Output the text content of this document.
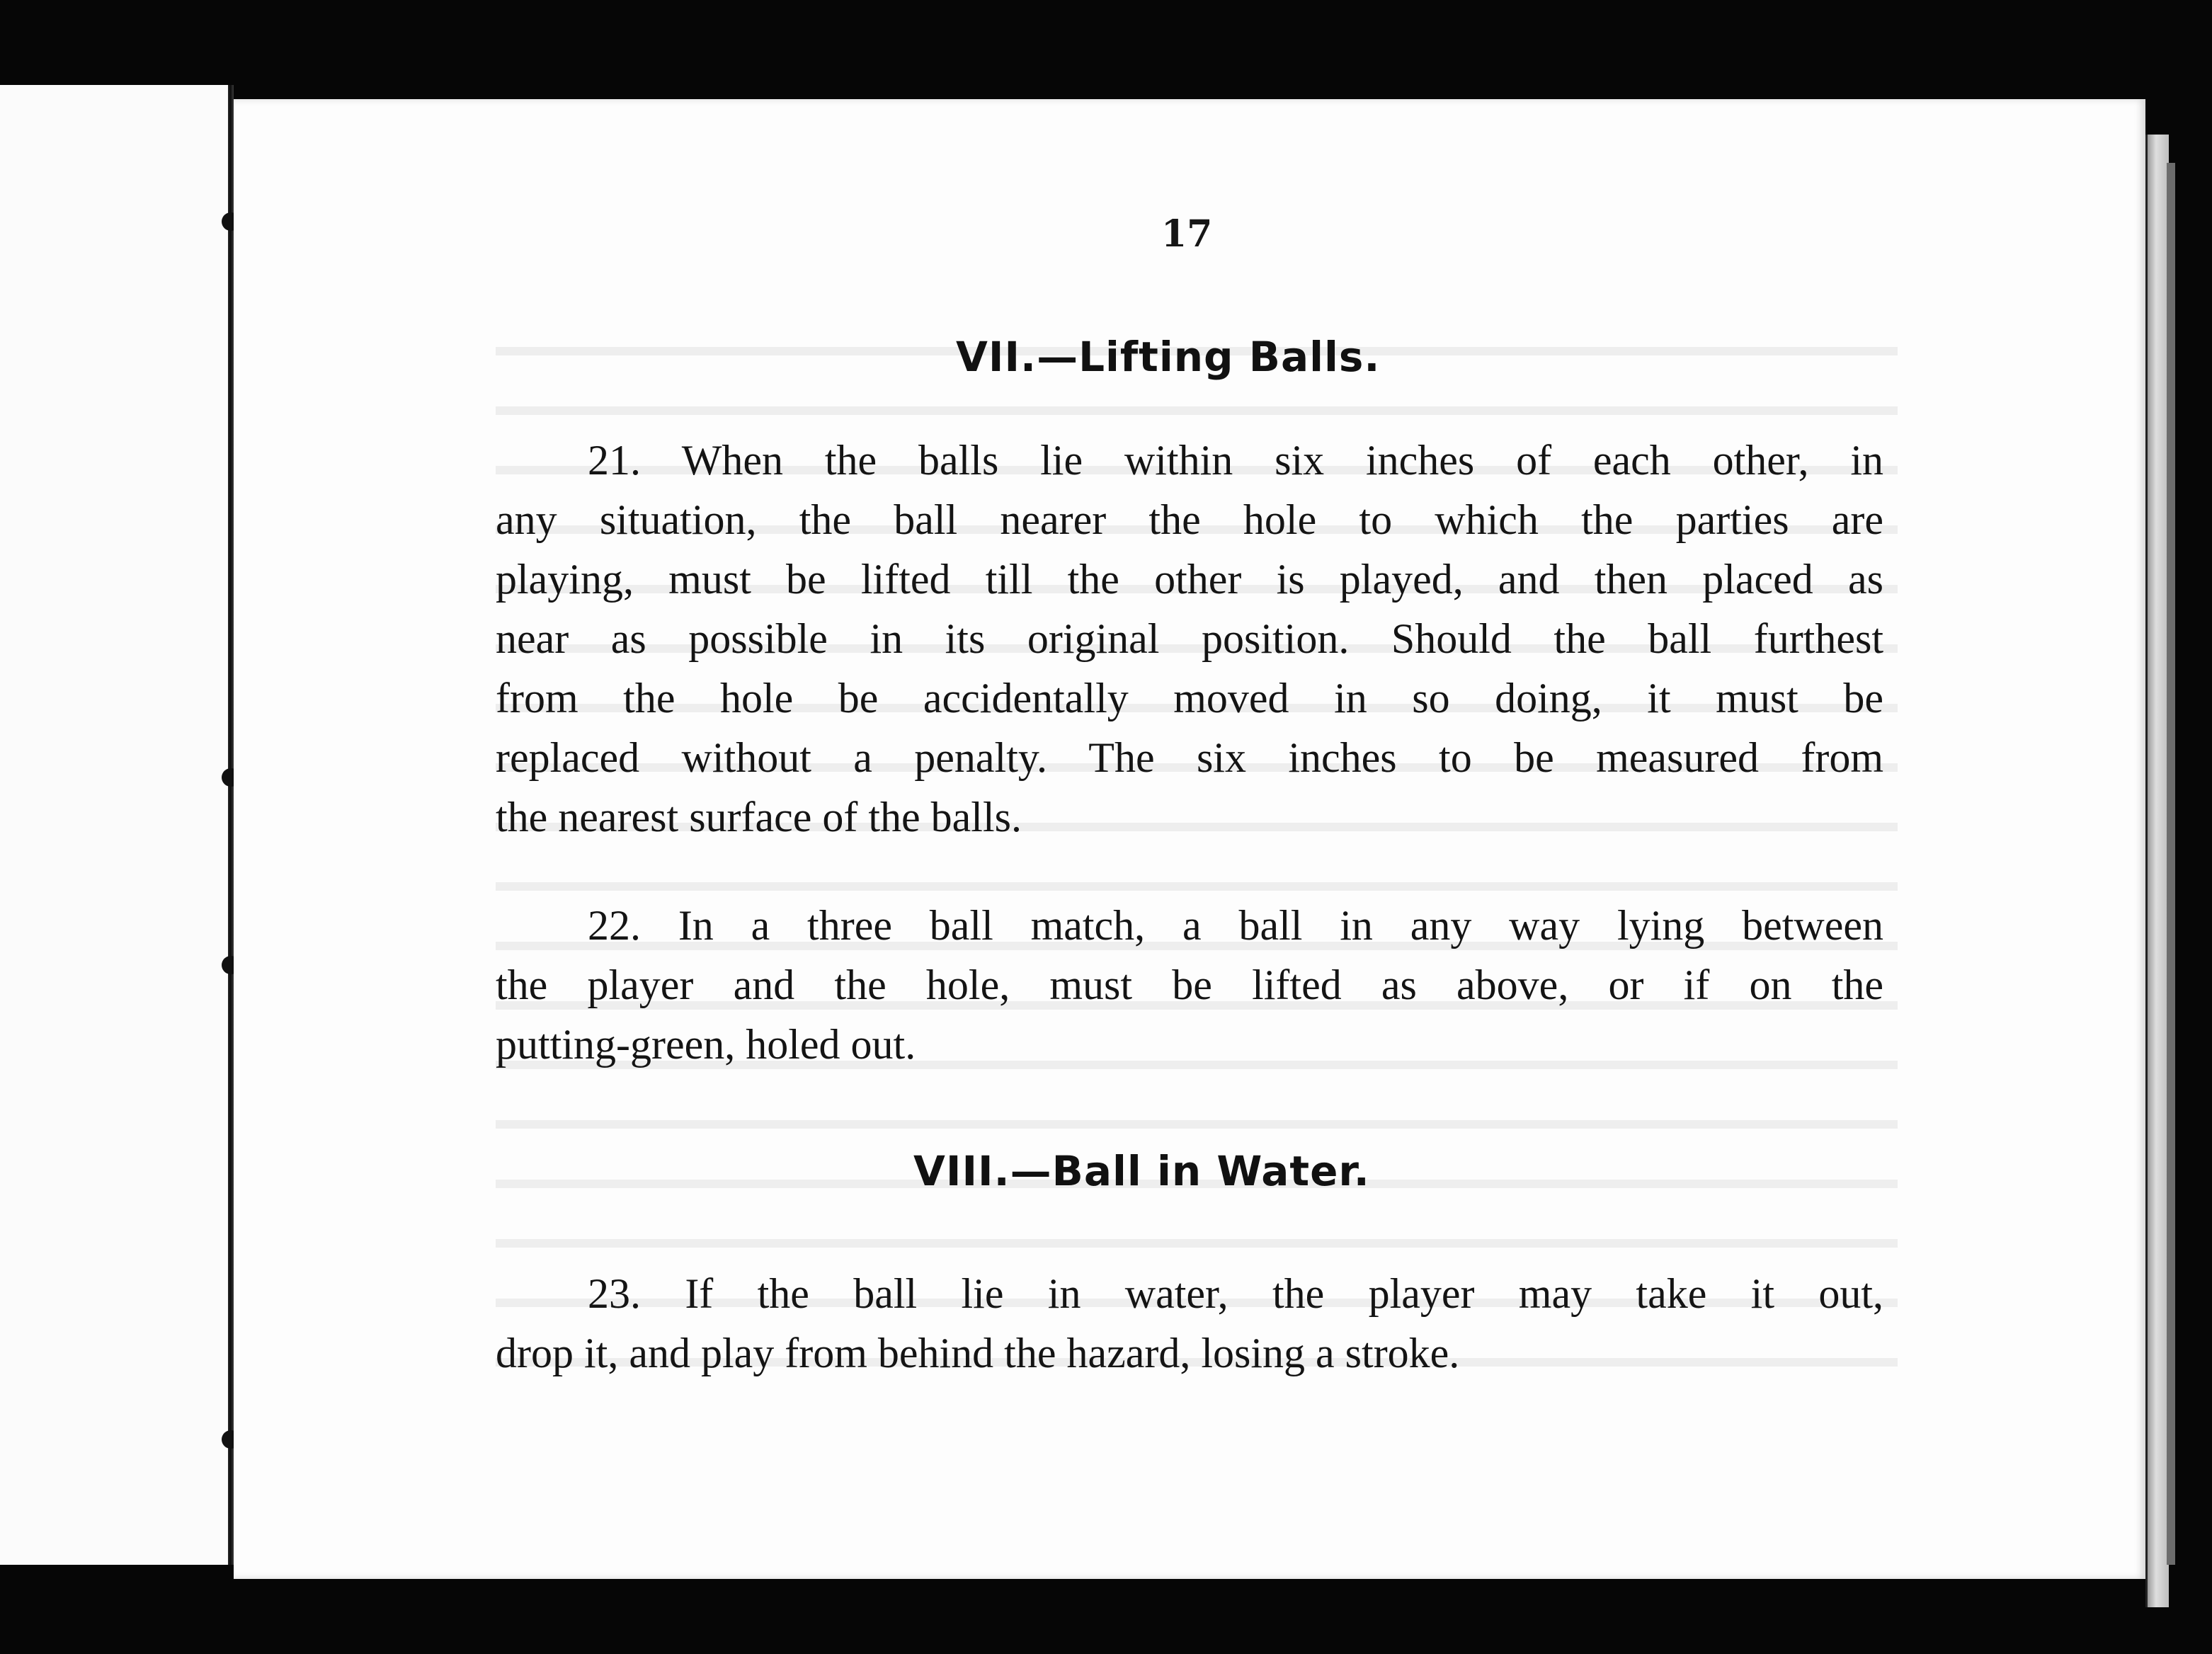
17

VII.—Lifting Balls.
21. When the balls lie within six inches of each other, in
any situation, the ball nearer the hole to which the parties are
playing, must be lifted till the other is played, and then placed as
near as possible in its original position. Should the ball furthest
from the hole be accidentally moved in so doing, it must be
replaced without a penalty. The six inches to be measured from
the nearest surface of the balls.
22. In a three ball match, a ball in any way lying between
the player and the hole, must be lifted as above, or if on the
putting-green, holed out.
VIII.—Ball in Water.
23. If the ball lie in water, the player may take it out,
drop it, and play from behind the hazard, losing a stroke.
